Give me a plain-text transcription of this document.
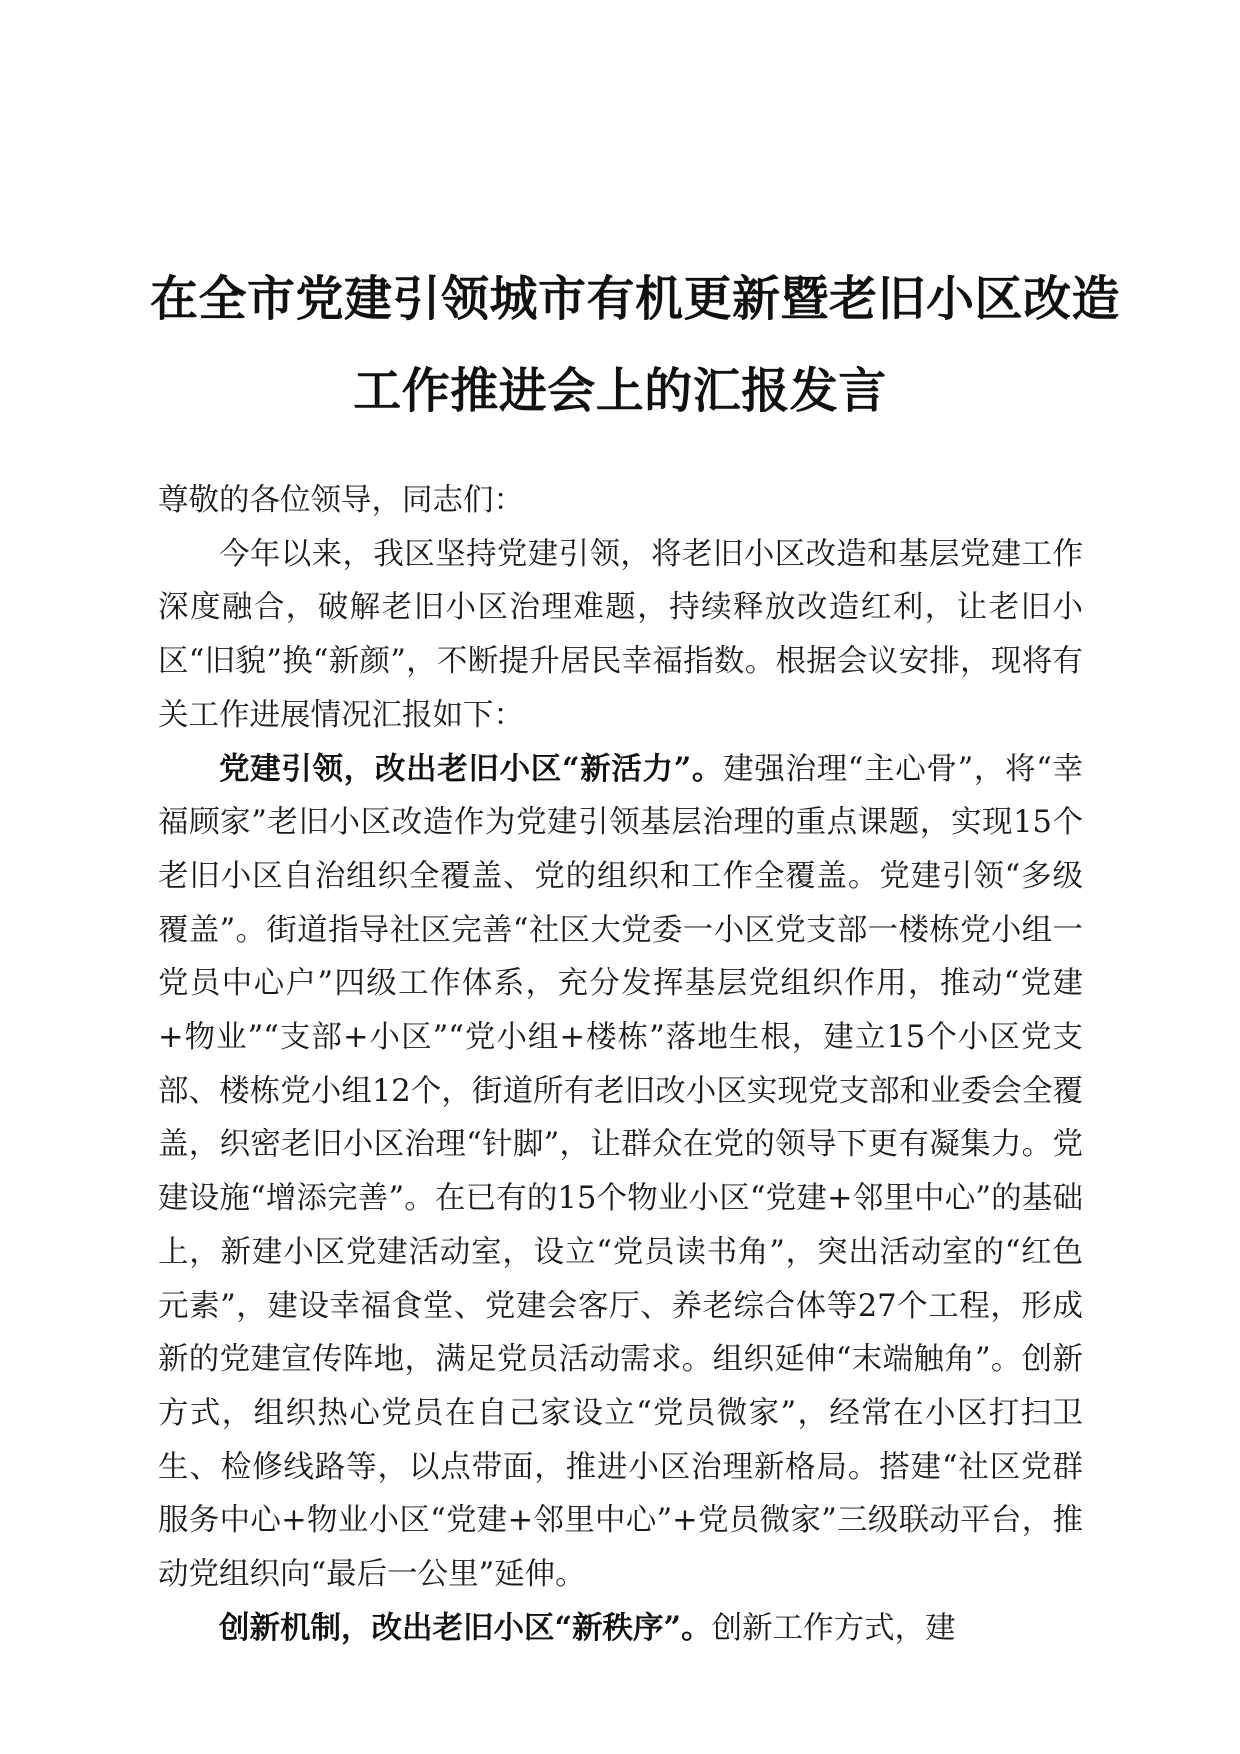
在全市党建引领城市有机更新暨老旧小区改造
工作推进会上的汇报发言

尊敬的各位领导，同志们：

今年以来，我区坚持党建引领，将老旧小区改造和基层党建工作深度融合，破解老旧小区治理难题，持续释放改造红利，让老旧小区“旧貌”换“新颜”，不断提升居民幸福指数。根据会议安排，现将有关工作进展情况汇报如下：

党建引领，改出老旧小区“新活力”。建强治理“主心骨”，将“幸福顾家”老旧小区改造作为党建引领基层治理的重点课题，实现15个老旧小区自治组织全覆盖、党的组织和工作全覆盖。党建引领“多级覆盖”。街道指导社区完善“社区大党委一小区党支部一楼栋党小组一党员中心户”四级工作体系，充分发挥基层党组织作用，推动“党建+物业”“支部+小区”“党小组+楼栋”落地生根，建立15个小区党支部、楼栋党小组12个，街道所有老旧改小区实现党支部和业委会全覆盖，织密老旧小区治理“针脚”，让群众在党的领导下更有凝集力。党建设施“增添完善”。在已有的15个物业小区“党建+邻里中心”的基础上，新建小区党建活动室，设立“党员读书角”，突出活动室的“红色元素”，建设幸福食堂、党建会客厅、养老综合体等27个工程，形成新的党建宣传阵地，满足党员活动需求。组织延伸“末端触角”。创新方式，组织热心党员在自己家设立“党员微家”，经常在小区打扫卫生、检修线路等，以点带面，推进小区治理新格局。搭建“社区党群服务中心+物业小区“党建+邻里中心”+党员微家”三级联动平台，推动党组织向“最后一公里”延伸。

创新机制，改出老旧小区“新秩序”。创新工作方式，建
